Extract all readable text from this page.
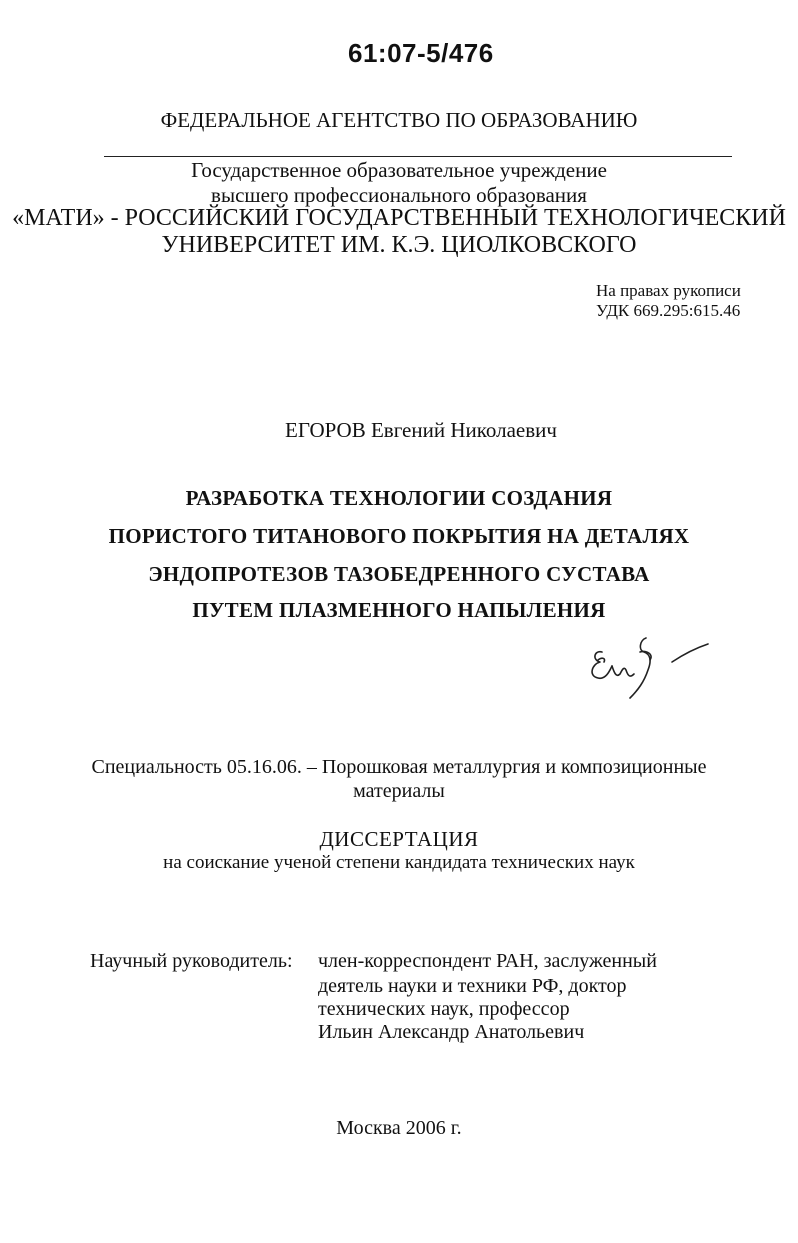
61:07-5/476
ФЕДЕРАЛЬНОЕ АГЕНТСТВО ПО ОБРАЗОВАНИЮ
Государственное образовательное учреждение
высшего профессионального образования
«МАТИ» - РОССИЙСКИЙ ГОСУДАРСТВЕННЫЙ ТЕХНОЛОГИЧЕСКИЙ
УНИВЕРСИТЕТ ИМ. К.Э. ЦИОЛКОВСКОГО
На правах рукописи
УДК 669.295:615.46
ЕГОРОВ Евгений Николаевич
РАЗРАБОТКА ТЕХНОЛОГИИ СОЗДАНИЯ
ПОРИСТОГО ТИТАНОВОГО ПОКРЫТИЯ НА ДЕТАЛЯХ
ЭНДОПРОТЕЗОВ ТАЗОБЕДРЕННОГО СУСТАВА
ПУТЕМ ПЛАЗМЕННОГО НАПЫЛЕНИЯ
Специальность 05.16.06. – Порошковая металлургия и композиционные
материалы
ДИССЕРТАЦИЯ
на соискание ученой степени кандидата технических наук
Научный руководитель: член-корреспондент РАН, заслуженный
деятель науки и техники РФ, доктор
технических наук, профессор
Ильин Александр Анатольевич
Москва 2006 г.
